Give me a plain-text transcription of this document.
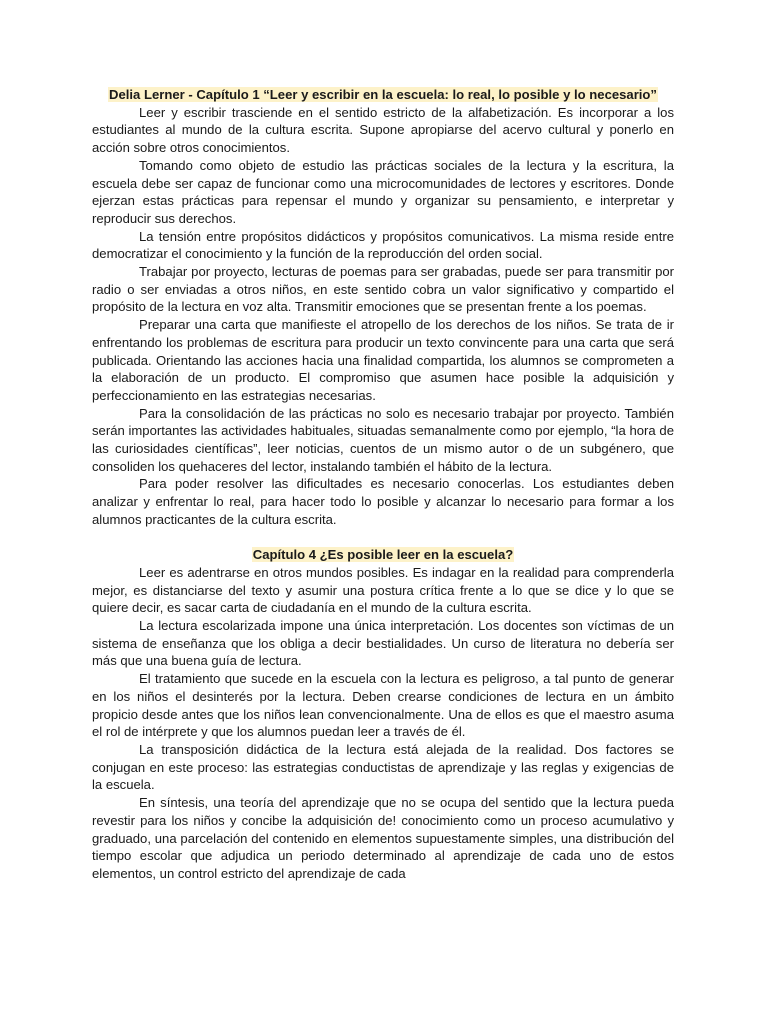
Delia Lerner - Capítulo 1 “Leer y escribir en la escuela: lo real, lo posible y lo necesario”

Leer y escribir trasciende en el sentido estricto de la alfabetización. Es incorporar a los estudiantes al mundo de la cultura escrita. Supone apropiarse del acervo cultural y ponerlo en acción sobre otros conocimientos.

Tomando como objeto de estudio las prácticas sociales de la lectura y la escritura, la escuela debe ser capaz de funcionar como una microcomunidades de lectores y escritores. Donde ejerzan estas prácticas para repensar el mundo y organizar su pensamiento, e interpretar y reproducir sus derechos.

La tensión entre propósitos didácticos y propósitos comunicativos. La misma reside entre democratizar el conocimiento y la función de la reproducción del orden social.

Trabajar por proyecto, lecturas de poemas para ser grabadas, puede ser para transmitir por radio o ser enviadas a otros niños, en este sentido cobra un valor significativo y compartido el propósito de la lectura en voz alta. Transmitir emociones que se presentan frente a los poemas.

Preparar una carta que manifieste el atropello de los derechos de los niños. Se trata de ir enfrentando los problemas de escritura para producir un texto convincente para una carta que será publicada. Orientando las acciones hacia una finalidad compartida, los alumnos se comprometen a la elaboración de un producto. El compromiso que asumen hace posible la adquisición y perfeccionamiento en las estrategias necesarias.

Para la consolidación de las prácticas no solo es necesario trabajar por proyecto. También serán importantes las actividades habituales, situadas semanalmente como por ejemplo, “la hora de las curiosidades científicas”, leer noticias, cuentos de un mismo autor o de un subgénero, que consoliden los quehaceres del lector, instalando también el hábito de la lectura.

Para poder resolver las dificultades es necesario conocerlas. Los estudiantes deben analizar y enfrentar lo real, para hacer todo lo posible y alcanzar lo necesario para formar a los alumnos practicantes de la cultura escrita.

Capítulo 4 ¿Es posible leer en la escuela?

Leer es adentrarse en otros mundos posibles. Es indagar en la realidad para comprenderla mejor, es distanciarse del texto y asumir una postura crítica frente a lo que se dice y lo que se quiere decir, es sacar carta de ciudadanía en el mundo de la cultura escrita.

La lectura escolarizada impone una única interpretación. Los docentes son víctimas de un sistema de enseñanza que los obliga a decir bestialidades. Un curso de literatura no debería ser más que una buena guía de lectura.

El tratamiento que sucede en la escuela con la lectura es peligroso, a tal punto de generar en los niños el desinterés por la lectura. Deben crearse condiciones de lectura en un ámbito propicio desde antes que los niños lean convencionalmente. Una de ellos es que el maestro asuma el rol de intérprete y que los alumnos puedan leer a través de él.

La transposición didáctica de la lectura está alejada de la realidad. Dos factores se conjugan en este proceso: las estrategias conductistas de aprendizaje y las reglas y exigencias de la escuela.

En síntesis, una teoría del aprendizaje que no se ocupa del sentido que la lectura pueda revestir para los niños y concibe la adquisición de! conocimiento como un proceso acumulativo y graduado, una parcelación del contenido en elementos supuestamente simples, una distribución del tiempo escolar que adjudica un periodo determinado al aprendizaje de cada uno de estos elementos, un control estricto del aprendizaje de cada
